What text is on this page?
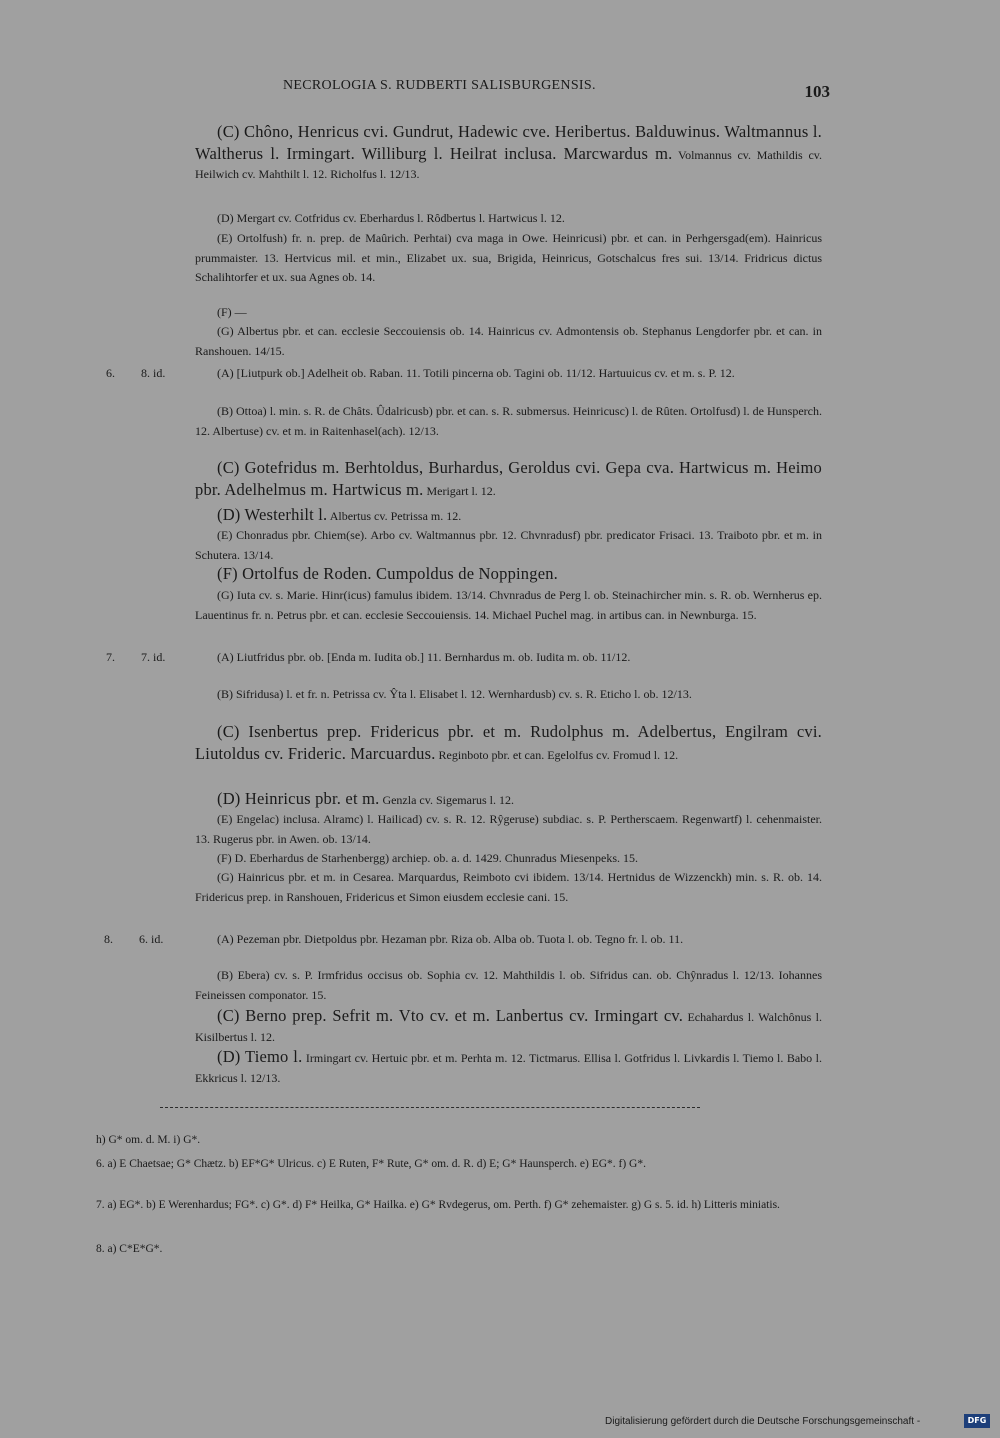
NECROLOGIA S. RUDBERTI SALISBURGENSIS.	103
(C) Chôno, Henricus cvi. Gundrut, Hadewic cve. Heribertus. Balduwinus. Waltmannus l. Waltherus l. Irmingart. Williburg l. Heilrat inclusa. Marcwardus m. Volmannus cv. Mathildis cv. Heilwich cv. Mahthilt l. 12. Richolfus l. 12/13.
(D) Mergart cv. Cotfridus cv. Eberhardus l. Rôdbertus l. Hartwicus l. 12.
(E) Ortolfush) fr. n. prep. de Maûrich. Perhtai) cva maga in Owe. Heinricusi) pbr. et can. in Perhgersgad(em). Hainricus prummaister. 13. Hertvicus mil. et min., Elizabet ux. sua, Brigida, Heinricus, Gotschalcus fres sui. 13/14. Fridricus dictus Schalihtorfer et ux. sua Agnes ob. 14.
(F) —
(G) Albertus pbr. et can. ecclesie Seccouiensis ob. 14. Hainricus cv. Admontensis ob. Stephanus Lengdorfer pbr. et can. in Ranshouen. 14/15.
6. 8. id.	(A) [Liutpurk ob.] Adelheit ob. Raban. 11. Totili pincerna ob. Tagini ob. 11/12. Hartuuicus cv. et m. s. P. 12.
(B) Ottoa) l. min. s. R. de Châts. Ûdalricusb) pbr. et can. s. R. submersus. Heinricusc) l. de Rûten. Ortolfusd) l. de Hunsperch. 12. Albertuse) cv. et m. in Raitenhasel(ach). 12/13.
(C) Gotefridus m. Berhtoldus, Burhardus, Geroldus cvi. Gepa cva. Hartwicus m. Heimo pbr. Adelhelmus m. Hartwicus m. Merigart l. 12.
(D) Westerhilt l. Albertus cv. Petrissa m. 12.
(E) Chonradus pbr. Chiem(se). Arbo cv. Waltmannus pbr. 12. Chvnradusf) pbr. predicator Frisaci. 13. Traiboto pbr. et m. in Schutera. 13/14.
(F) Ortolfus de Roden. Cumpoldus de Noppingen.
(G) Iuta cv. s. Marie. Hinr(icus) famulus ibidem. 13/14. Chvnradus de Perg l. ob. Steinachircher min. s. R. ob. Wernherus ep. Lauentinus fr. n. Petrus pbr. et can. ecclesie Seccouiensis. 14. Michael Puchel mag. in artibus can. in Newnburga. 15.
7. 7. id.	(A) Liutfridus pbr. ob. [Enda m. Iudita ob.] 11. Bernhardus m. ob. Iudita m. ob. 11/12.
(B) Sifridusa) l. et fr. n. Petrissa cv. Ŷta l. Elisabet l. 12. Wernhardusb) cv. s. R. Eticho l. ob. 12/13.
(C) Isenbertus prep. Fridericus pbr. et m. Rudolphus m. Adelbertus, Engilram cvi. Liutoldus cv. Frideric. Marcuardus. Reginboto pbr. et can. Egelolfus cv. Fromud l. 12.
(D) Heinricus pbr. et m. Genzla cv. Sigemarus l. 12.
(E) Engelac) inclusa. Alramc) l. Hailicad) cv. s. R. 12. Rŷgeruse) subdiac. s. P. Pertherscaem. Regenwartf) l. cehenmaister. 13. Rugerus pbr. in Awen. ob. 13/14.
(F) D. Eberhardus de Starhenbergg) archiep. ob. a. d. 1429. Chunradus Miesenpeks. 15.
(G) Hainricus pbr. et m. in Cesarea. Marquardus, Reimboto cvi ibidem. 13/14. Hertnidus de Wizzenckh) min. s. R. ob. 14. Fridericus prep. in Ranshouen, Fridericus et Simon eiusdem ecclesie cani. 15.
8. 6. id.	(A) Pezeman pbr. Dietpoldus pbr. Hezaman pbr. Riza ob. Alba ob. Tuota l. ob. Tegno fr. l. ob. 11.
(B) Ebera) cv. s. P. Irmfridus occisus ob. Sophia cv. 12. Mahthildis l. ob. Sifridus can. ob. Chŷnradus l. 12/13. Iohannes Feineissen componator. 15.
(C) Berno prep. Sefrit m. Vto cv. et m. Lanbertus cv. Irmingart cv. Echahardus l. Walchônus l. Kisilbertus l. 12.
(D) Tiemo l. Irmingart cv. Hertuic pbr. et m. Perhta m. 12. Tictmarus. Ellisa l. Gotfridus l. Livkardis l. Tiemo l. Babo l. Ekkricus l. 12/13.
h) G* om. d. M. i) G*.
6. a) E Chaetsae; G* Chætz. b) EF*G* Ulricus. c) E Ruten, F* Rute, G* om. d. R. d) E; G* Haunsperch. e) EG*. f) G*.
7. a) EG*. b) E Werenhardus; FG*. c) G*. d) F* Heilka, G* Hailka. e) G* Rvdegerus, om. Perth. f) G* zehemaister. g) G s. 5. id. h) Litteris miniatis.
8. a) C*E*G*.
Digitalisierung gefördert durch die Deutsche Forschungsgemeinschaft -	DFG
